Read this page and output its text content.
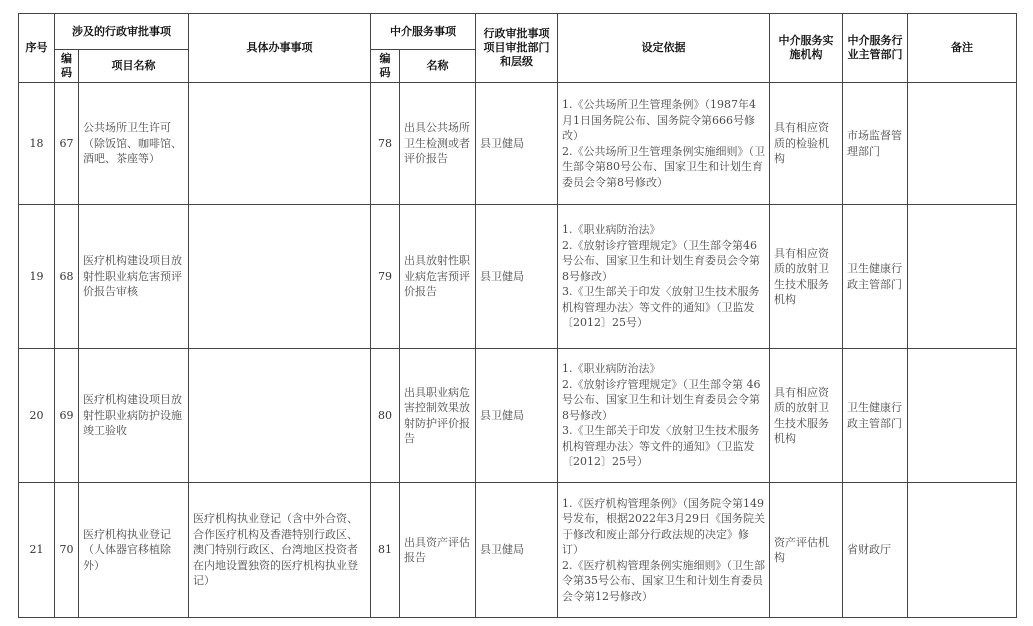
序号	涉及的行政审批事项		具体办事事项	中介服务事项		行政审批事项项目审批部门和层级	设定依据	中介服务实施机构	中介服务行业主管部门	备注
	编码	项目名称		编码	名称					
18	67	公共场所卫生许可（除饭馆、咖啡馆、酒吧、茶座等）		78	出具公共场所卫生检测或者评价报告	县卫健局	1.《公共场所卫生管理条例》（1987年4月1日国务院公布、国务院令第666号修改）
2.《公共场所卫生管理条例实施细则》（卫生部令第80号公布、国家卫生和计划生育委员会令第8号修改）	具有相应资质的检验机构	市场监督管理部门	
19	68	医疗机构建设项目放射性职业病危害预评价报告审核		79	出具放射性职业病危害预评价报告	县卫健局	1.《职业病防治法》
2.《放射诊疗管理规定》（卫生部令第46号公布、国家卫生和计划生育委员会令第8号修改）
3.《卫生部关于印发〈放射卫生技术服务机构管理办法〉等文件的通知》（卫监发〔2012〕25号）	具有相应资质的放射卫生技术服务机构	卫生健康行政主管部门	
20	69	医疗机构建设项目放射性职业病防护设施竣工验收		80	出具职业病危害控制效果放射防护评价报告	县卫健局	1.《职业病防治法》
2.《放射诊疗管理规定》（卫生部令第 46 号公布、国家卫生和计划生育委员会令第8号修改）
3.《卫生部关于印发〈放射卫生技术服务机构管理办法〉等文件的通知》（卫监发〔2012〕25号）	具有相应资质的放射卫生技术服务机构	卫生健康行政主管部门	
21	70	医疗机构执业登记（人体器官移植除外）	医疗机构执业登记（含中外合资、合作医疗机构及香港特别行政区、澳门特别行政区、台湾地区投资者在内地设置独资的医疗机构执业登记）	81	出具资产评估报告	县卫健局	1.《医疗机构管理条例》（国务院令第149号发布，根据2022年3月29日《国务院关于修改和废止部分行政法规的决定》修订）
2.《医疗机构管理条例实施细则》（卫生部令第35号公布、国家卫生和计划生育委员会令第12号修改）	资产评估机构	省财政厅	
